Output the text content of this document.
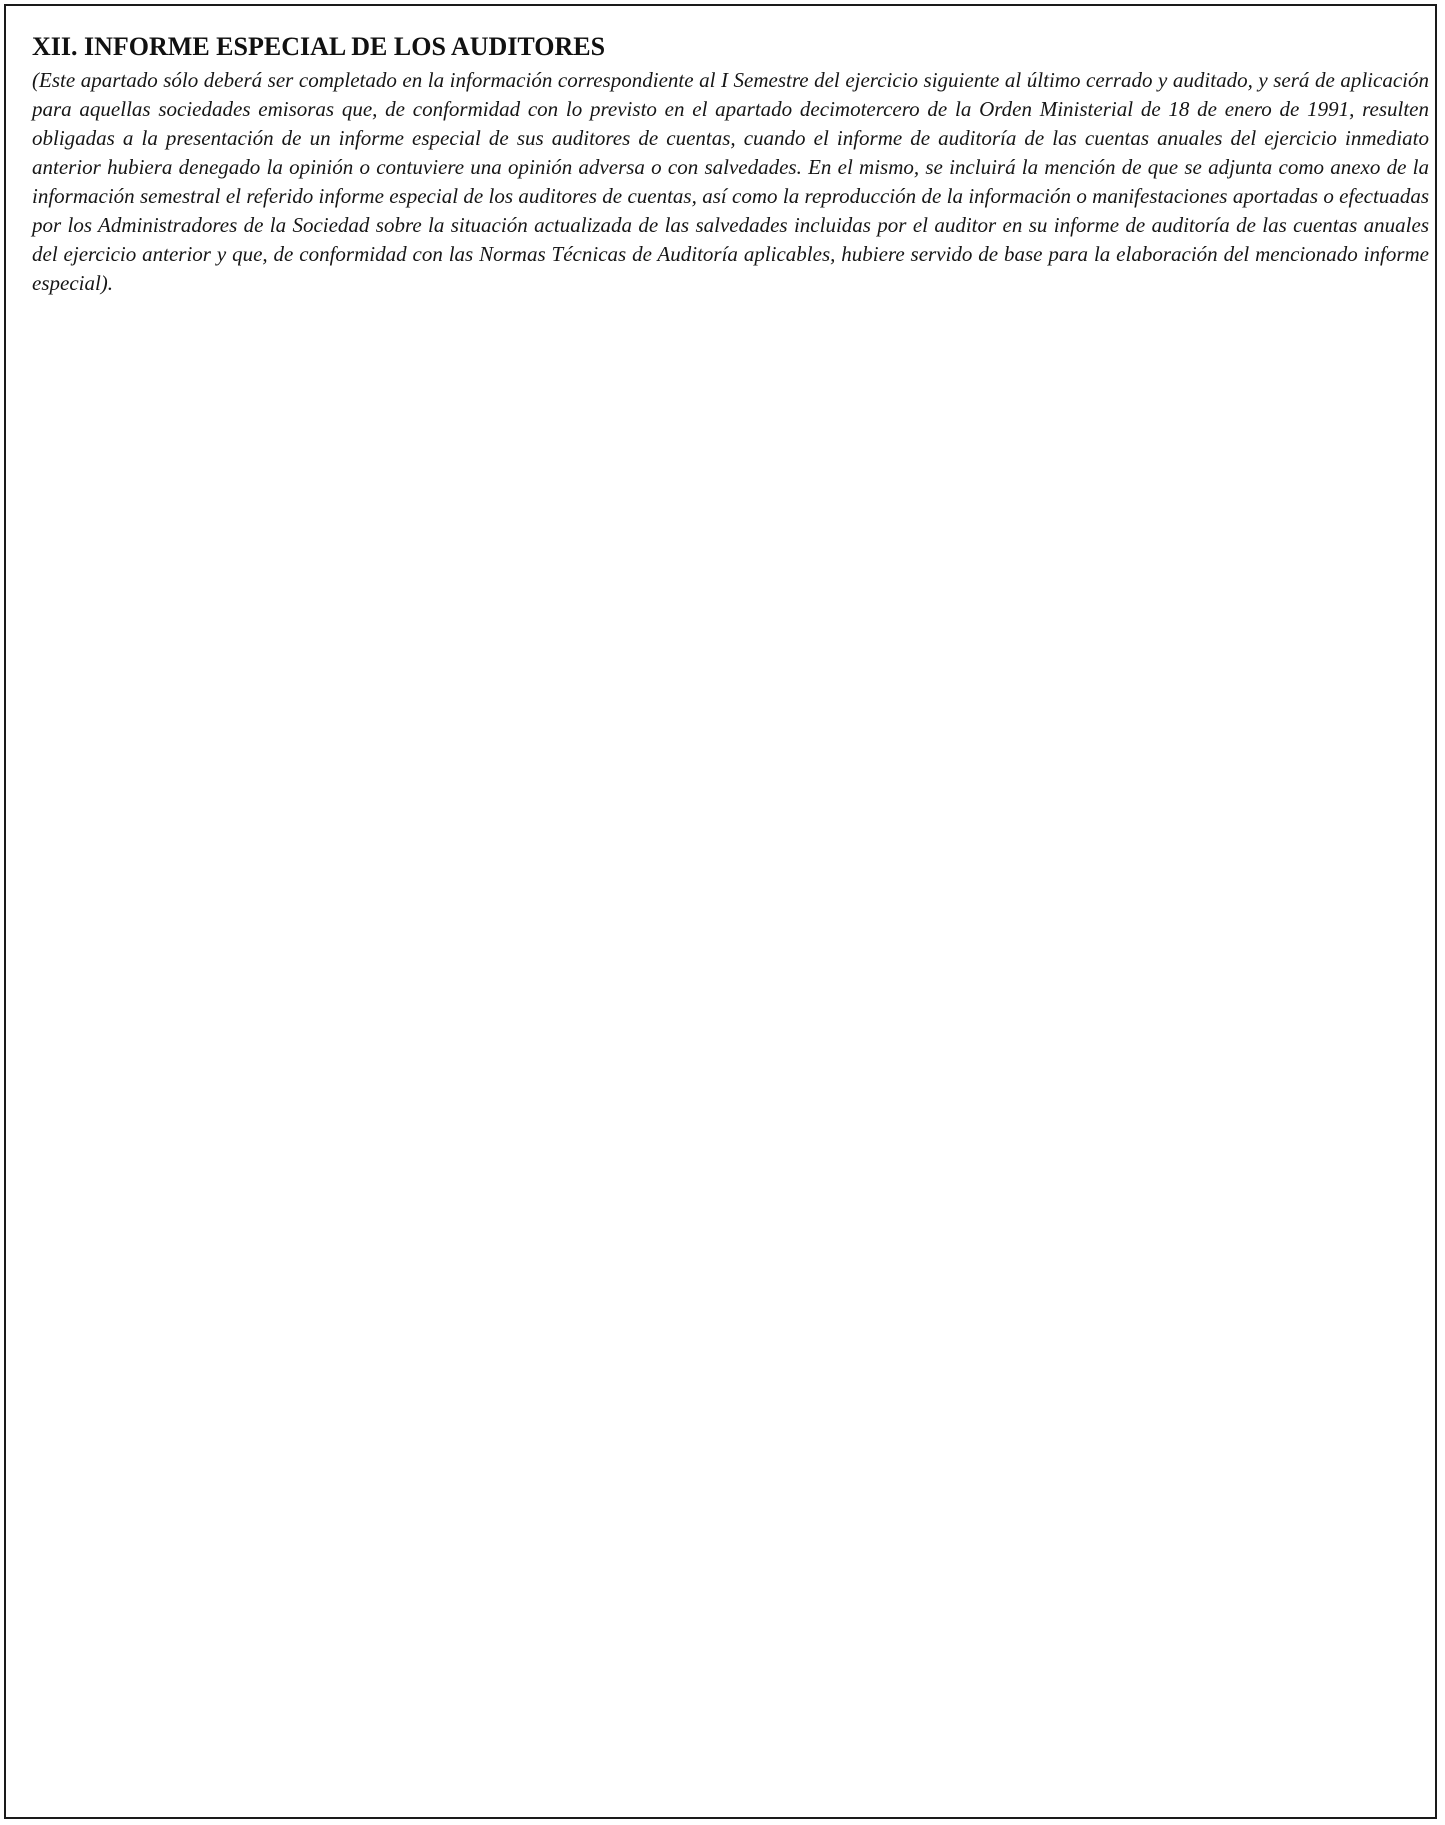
XII. INFORME ESPECIAL DE LOS AUDITORES

(Este apartado sólo deberá ser completado en la información correspondiente al I Semestre del ejercicio siguiente al último cerrado y auditado, y será de aplicación para aquellas sociedades emisoras que, de conformidad con lo previsto en el apartado decimotercero de la Orden Ministerial de 18 de enero de 1991, resulten obligadas a la presentación de un informe especial de sus auditores de cuentas, cuando el informe de auditoría de las cuentas anuales del ejercicio inmediato anterior hubiera denegado la opinión o contuviere una opinión adversa o con salvedades. En el mismo, se incluirá la mención de que se adjunta como anexo de la información semestral el referido informe especial de los auditores de cuentas, así como la reproducción de la información o manifestaciones aportadas o efectuadas por los Administradores de la Sociedad sobre la situación actualizada de las salvedades incluidas por el auditor en su informe de auditoría de las cuentas anuales del ejercicio anterior y que, de conformidad con las Normas Técnicas de Auditoría aplicables, hubiere servido de base para la elaboración del mencionado informe especial).
